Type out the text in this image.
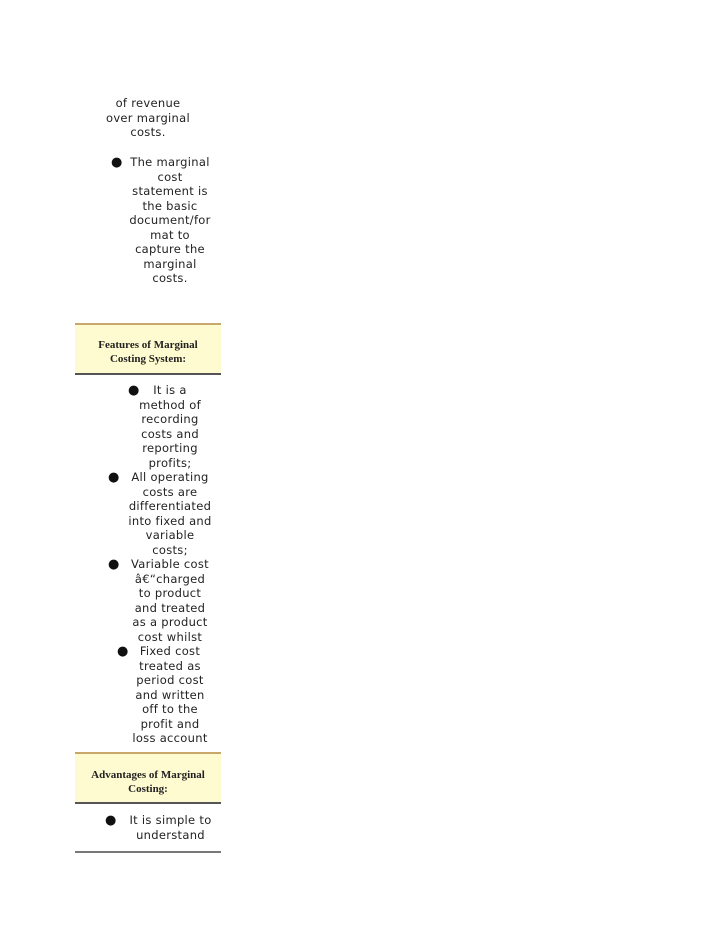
of revenue
over marginal
costs.
● The marginal
cost
statement is
the basic
document/for
mat to
capture the
marginal
costs.
Features of Marginal
Costing System:
●	It is a
method of
recording
costs and
reporting
profits;
●	All operating
costs are
differentiated
into fixed and
variable
costs;
●	Variable cost
â€“charged
to product
and treated
as a product
cost whilst
● Fixed cost
treated as
period cost
and written
off to the
profit and
loss account
Advantages of Marginal
Costing:
●	It is simple to
understand
